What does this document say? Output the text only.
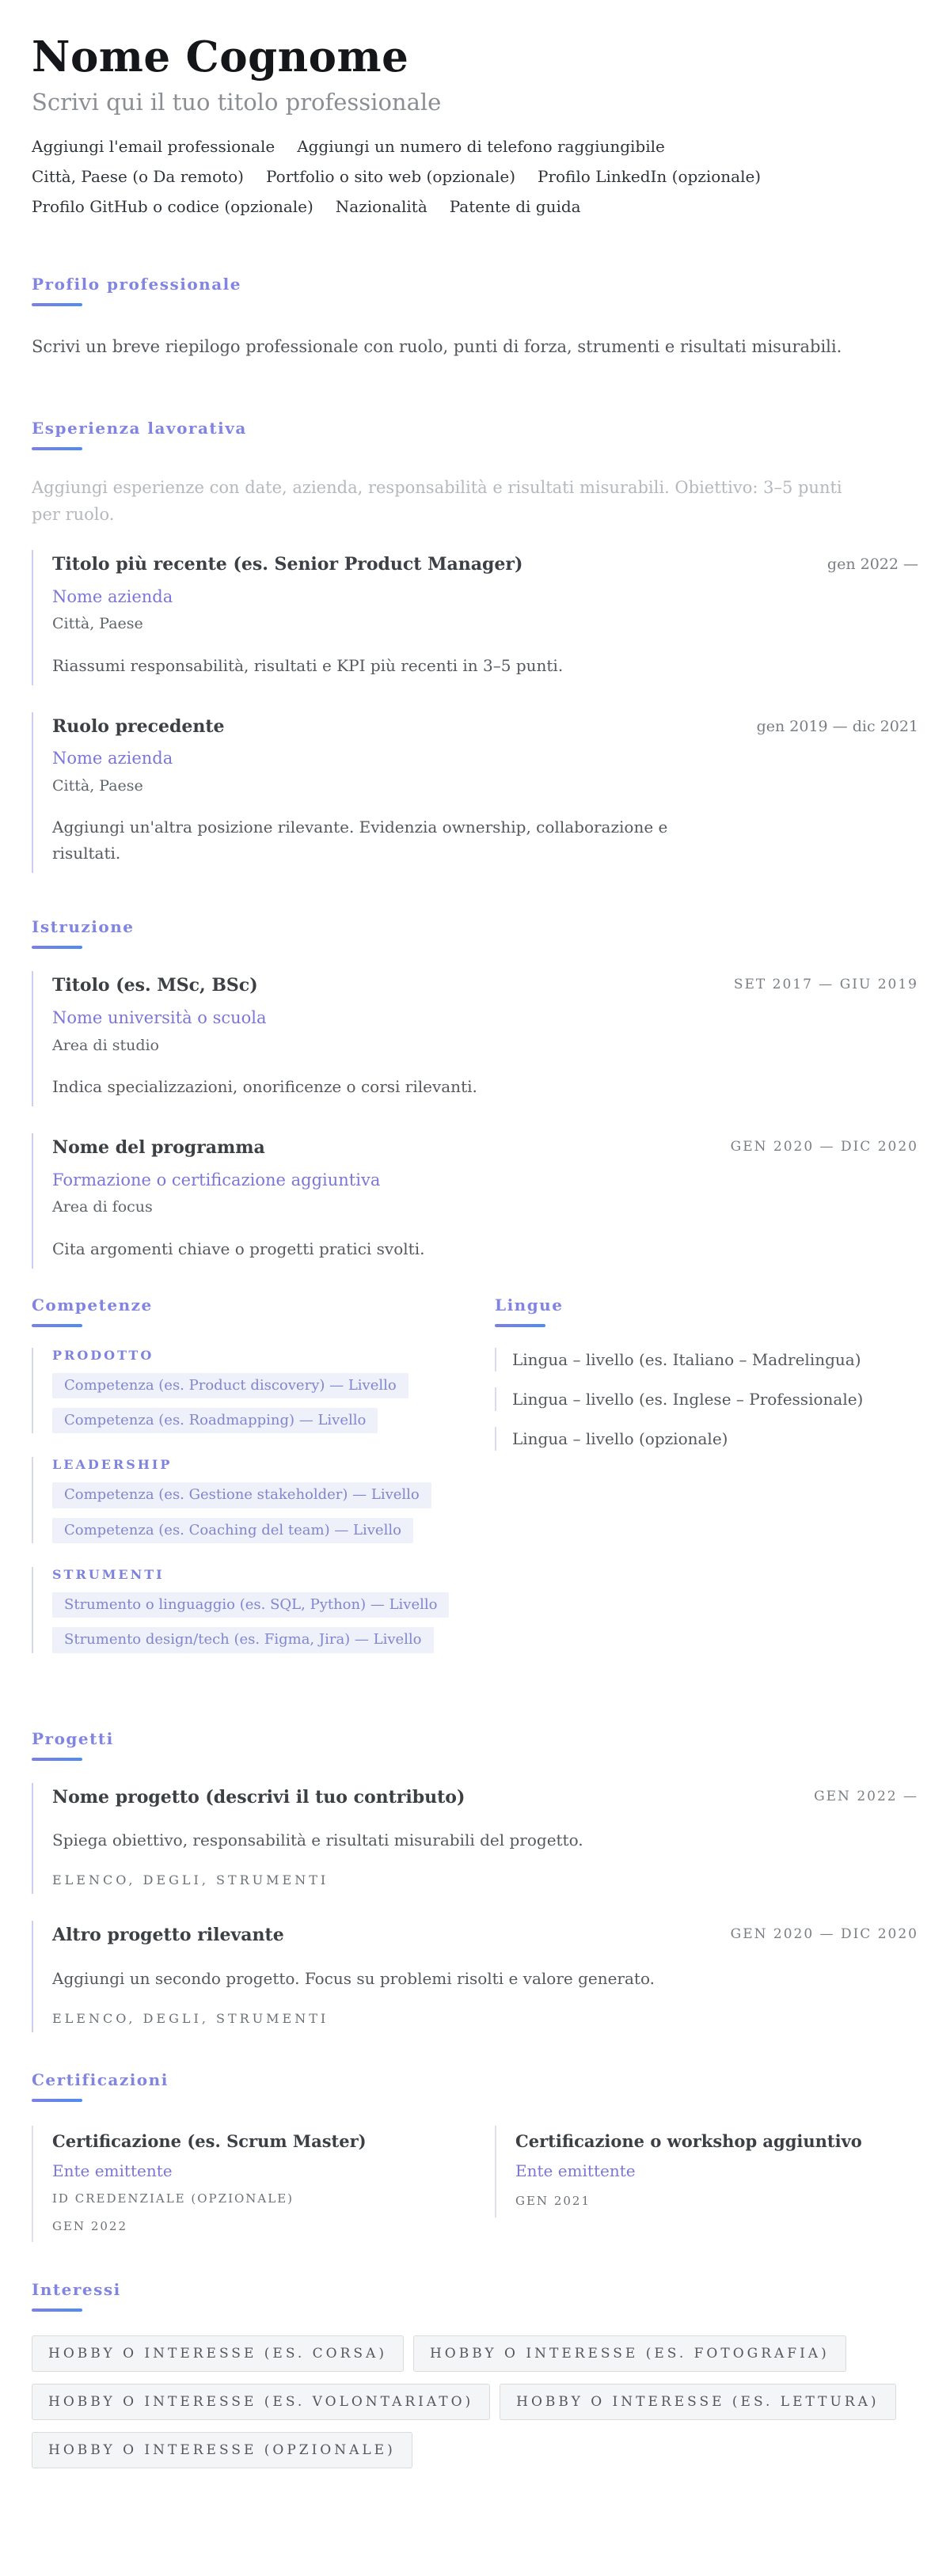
Nome Cognome
Scrivi qui il tuo titolo professionale
Aggiungi l'email professionale Aggiungi un numero di telefono raggiungibile
Città, Paese (o Da remoto) Portfolio o sito web (opzionale) Profilo LinkedIn (opzionale)
Profilo GitHub o codice (opzionale) Nazionalità Patente di guida
Profilo professionale

Scrivi un breve riepilogo professionale con ruolo, punti di forza, strumenti e risultati misurabili.

Esperienza lavorativa

Aggiungi esperienze con date, azienda, responsabilità e risultati misurabili. Obiettivo: 3–5 punti per ruolo.

Titolo più recente (es. Senior Product Manager)	gen 2022 —
Nome azienda
Città, Paese

Riassumi responsabilità, risultati e KPI più recenti in 3–5 punti.

Ruolo precedente	gen 2019 — dic 2021
Nome azienda
Città, Paese

Aggiungi un'altra posizione rilevante. Evidenzia ownership, collaborazione e risultati.

Istruzione
Titolo (es. MSc, BSc)	SET 2017 — GIU 2019
Nome università o scuola
Area di studio

Indica specializzazioni, onorificenze o corsi rilevanti.

Nome del programma	GEN 2020 — DIC 2020
Formazione o certificazione aggiuntiva
Area di focus

Cita argomenti chiave o progetti pratici svolti.

Competenze
PRODOTTO
Competenza (es. Product discovery) — Livello
Competenza (es. Roadmapping) — Livello
LEADERSHIP
Competenza (es. Gestione stakeholder) — Livello
Competenza (es. Coaching del team) — Livello
STRUMENTI
Strumento o linguaggio (es. SQL, Python) — Livello
Strumento design/tech (es. Figma, Jira) — Livello
Lingue
Lingua – livello (es. Italiano – Madrelingua)
Lingua – livello (es. Inglese – Professionale)
Lingua – livello (opzionale)
Progetti
Nome progetto (descrivi il tuo contributo)	GEN 2022 —

Spiega obiettivo, responsabilità e risultati misurabili del progetto.

ELENCO, DEGLI, STRUMENTI
Altro progetto rilevante	GEN 2020 — DIC 2020

Aggiungi un secondo progetto. Focus su problemi risolti e valore generato.

ELENCO, DEGLI, STRUMENTI
Certificazioni
Certificazione (es. Scrum Master)
Ente emittente
ID CREDENZIALE (OPZIONALE)
GEN 2022
Certificazione o workshop aggiuntivo
Ente emittente
GEN 2021
Interessi
HOBBY O INTERESSE (ES. CORSA)	HOBBY O INTERESSE (ES. FOTOGRAFIA)
HOBBY O INTERESSE (ES. VOLONTARIATO)	HOBBY O INTERESSE (ES. LETTURA)
HOBBY O INTERESSE (OPZIONALE)
